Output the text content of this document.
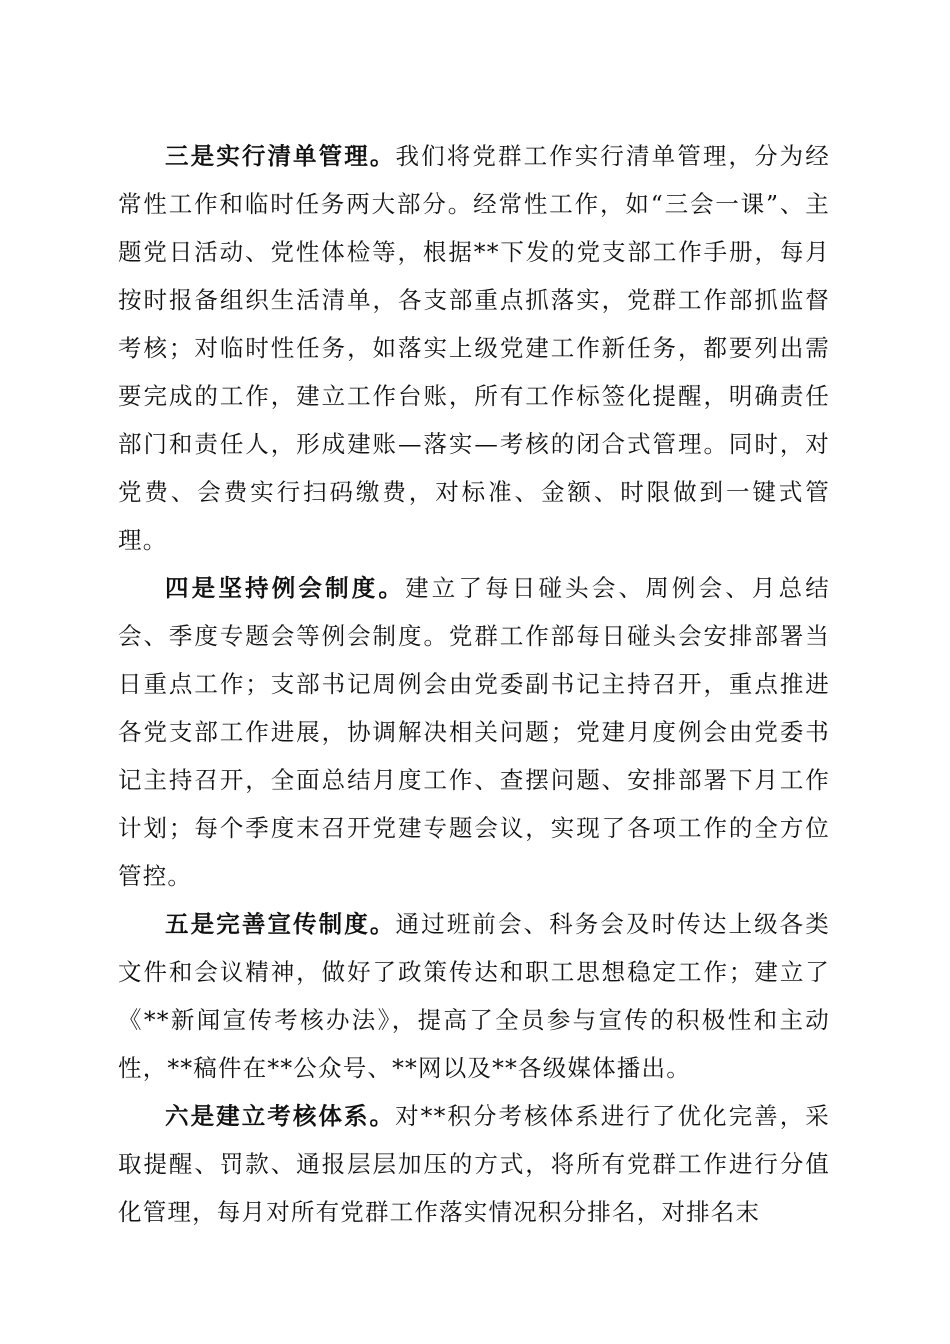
三是实行清单管理。我们将党群工作实行清单管理，分为经常性工作和临时任务两大部分。经常性工作，如“三会一课”、主题党日活动、党性体检等，根据**下发的党支部工作手册，每月按时报备组织生活清单，各支部重点抓落实，党群工作部抓监督考核；对临时性任务，如落实上级党建工作新任务，都要列出需要完成的工作，建立工作台账，所有工作标签化提醒，明确责任部门和责任人，形成建账—落实—考核的闭合式管理。同时，对党费、会费实行扫码缴费，对标准、金额、时限做到一键式管理。

四是坚持例会制度。建立了每日碰头会、周例会、月总结会、季度专题会等例会制度。党群工作部每日碰头会安排部署当日重点工作；支部书记周例会由党委副书记主持召开，重点推进各党支部工作进展，协调解决相关问题；党建月度例会由党委书记主持召开，全面总结月度工作、查摆问题、安排部署下月工作计划；每个季度末召开党建专题会议，实现了各项工作的全方位管控。

五是完善宣传制度。通过班前会、科务会及时传达上级各类文件和会议精神，做好了政策传达和职工思想稳定工作；建立了《**新闻宣传考核办法》，提高了全员参与宣传的积极性和主动性，**稿件在**公众号、**网以及**各级媒体播出。

六是建立考核体系。对**积分考核体系进行了优化完善，采取提醒、罚款、通报层层加压的方式，将所有党群工作进行分值化管理，每月对所有党群工作落实情况积分排名，对排名末
